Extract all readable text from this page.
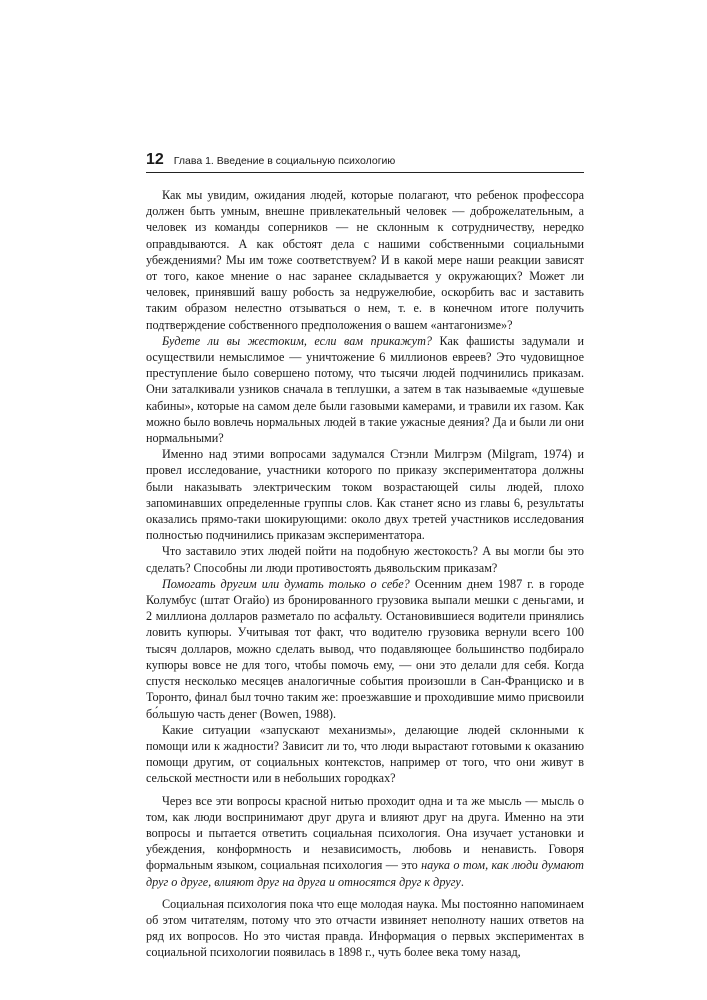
12 Глава 1. Введение в социальную психологию

Как мы увидим, ожидания людей, которые полагают, что ребенок профессора должен быть умным, внешне привлекательный человек — доброжелательным, а человек из команды соперников — не склонным к сотрудничеству, нередко оправдываются. А как обстоят дела с нашими собственными социальными убеждениями? Мы им тоже соответствуем? И в какой мере наши реакции зависят от того, какое мнение о нас заранее складывается у окружающих? Может ли человек, принявший вашу робость за недружелюбие, оскорбить вас и заставить таким образом нелестно отзываться о нем, т. е. в конечном итоге получить подтверждение собственного предположения о вашем «антагонизме»?

Будете ли вы жестоким, если вам прикажут? Как фашисты задумали и осуществили немыслимое — уничтожение 6 миллионов евреев? Это чудовищное преступление было совершено потому, что тысячи людей подчинились приказам. Они заталкивали узников сначала в теплушки, а затем в так называемые «душевые кабины», которые на самом деле были газовыми камерами, и травили их газом. Как можно было вовлечь нормальных людей в такие ужасные деяния? Да и были ли они нормальными?

Именно над этими вопросами задумался Стэнли Милгрэм (Milgram, 1974) и провел исследование, участники которого по приказу экспериментатора должны были наказывать электрическим током возрастающей силы людей, плохо запоминавших определенные группы слов. Как станет ясно из главы 6, результаты оказались прямо-таки шокирующими: около двух третей участников исследования полностью подчинились приказам экспериментатора.

Что заставило этих людей пойти на подобную жестокость? А вы могли бы это сделать? Способны ли люди противостоять дьявольским приказам?

Помогать другим или думать только о себе? Осенним днем 1987 г. в городе Колумбус (штат Огайо) из бронированного грузовика выпали мешки с деньгами, и 2 миллиона долларов разметало по асфальту. Остановившиеся водители принялись ловить купюры. Учитывая тот факт, что водителю грузовика вернули всего 100 тысяч долларов, можно сделать вывод, что подавляющее большинство подбирало купюры вовсе не для того, чтобы помочь ему, — они это делали для себя. Когда спустя несколько месяцев аналогичные события произошли в Сан-Франциско и в Торонто, финал был точно таким же: проезжавшие и проходившие мимо присвоили бо́льшую часть денег (Bowen, 1988).

Какие ситуации «запускают механизмы», делающие людей склонными к помощи или к жадности? Зависит ли то, что люди вырастают готовыми к оказанию помощи другим, от социальных контекстов, например от того, что они живут в сельской местности или в небольших городках?

Через все эти вопросы красной нитью проходит одна и та же мысль — мысль о том, как люди воспринимают друг друга и влияют друг на друга. Именно на эти вопросы и пытается ответить социальная психология. Она изучает установки и убеждения, конформность и независимость, любовь и ненависть. Говоря формальным языком, социальная психология — это наука о том, как люди думают друг о друге, влияют друг на друга и относятся друг к другу.

Социальная психология пока что еще молодая наука. Мы постоянно напоминаем об этом читателям, потому что это отчасти извиняет неполноту наших ответов на ряд их вопросов. Но это чистая правда. Информация о первых экспериментах в социальной психологии появилась в 1898 г., чуть более века тому назад,
